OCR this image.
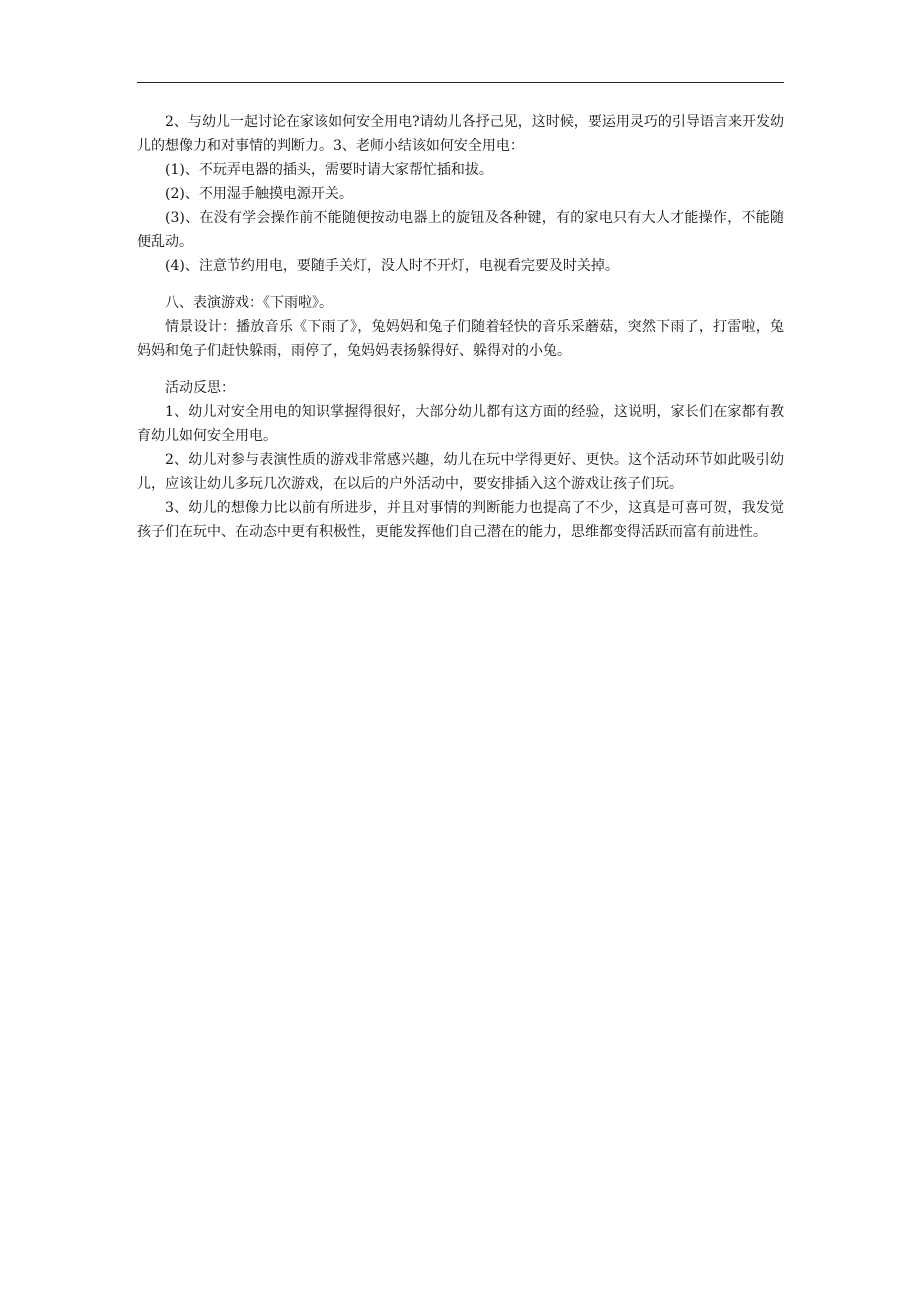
2、与幼儿一起讨论在家该如何安全用电?请幼儿各抒己见，这时候，要运用灵巧的引导语言来开发幼儿的想像力和对事情的判断力。3、老师小结该如何安全用电：

(1)、不玩弄电器的插头，需要时请大家帮忙插和拔。

(2)、不用湿手触摸电源开关。

(3)、在没有学会操作前不能随便按动电器上的旋钮及各种键，有的家电只有大人才能操作，不能随便乱动。

(4)、注意节约用电，要随手关灯，没人时不开灯，电视看完要及时关掉。

八、表演游戏：《下雨啦》。

情景设计：播放音乐《下雨了》，兔妈妈和兔子们随着轻快的音乐采蘑菇，突然下雨了，打雷啦，兔妈妈和兔子们赶快躲雨，雨停了，兔妈妈表扬躲得好、躲得对的小兔。

活动反思：

1、幼儿对安全用电的知识掌握得很好，大部分幼儿都有这方面的经验，这说明，家长们在家都有教育幼儿如何安全用电。

2、幼儿对参与表演性质的游戏非常感兴趣，幼儿在玩中学得更好、更快。这个活动环节如此吸引幼儿，应该让幼儿多玩几次游戏，在以后的户外活动中，要安排插入这个游戏让孩子们玩。

3、幼儿的想像力比以前有所进步，并且对事情的判断能力也提高了不少，这真是可喜可贺，我发觉孩子们在玩中、在动态中更有积极性，更能发挥他们自己潜在的能力，思维都变得活跃而富有前进性。
